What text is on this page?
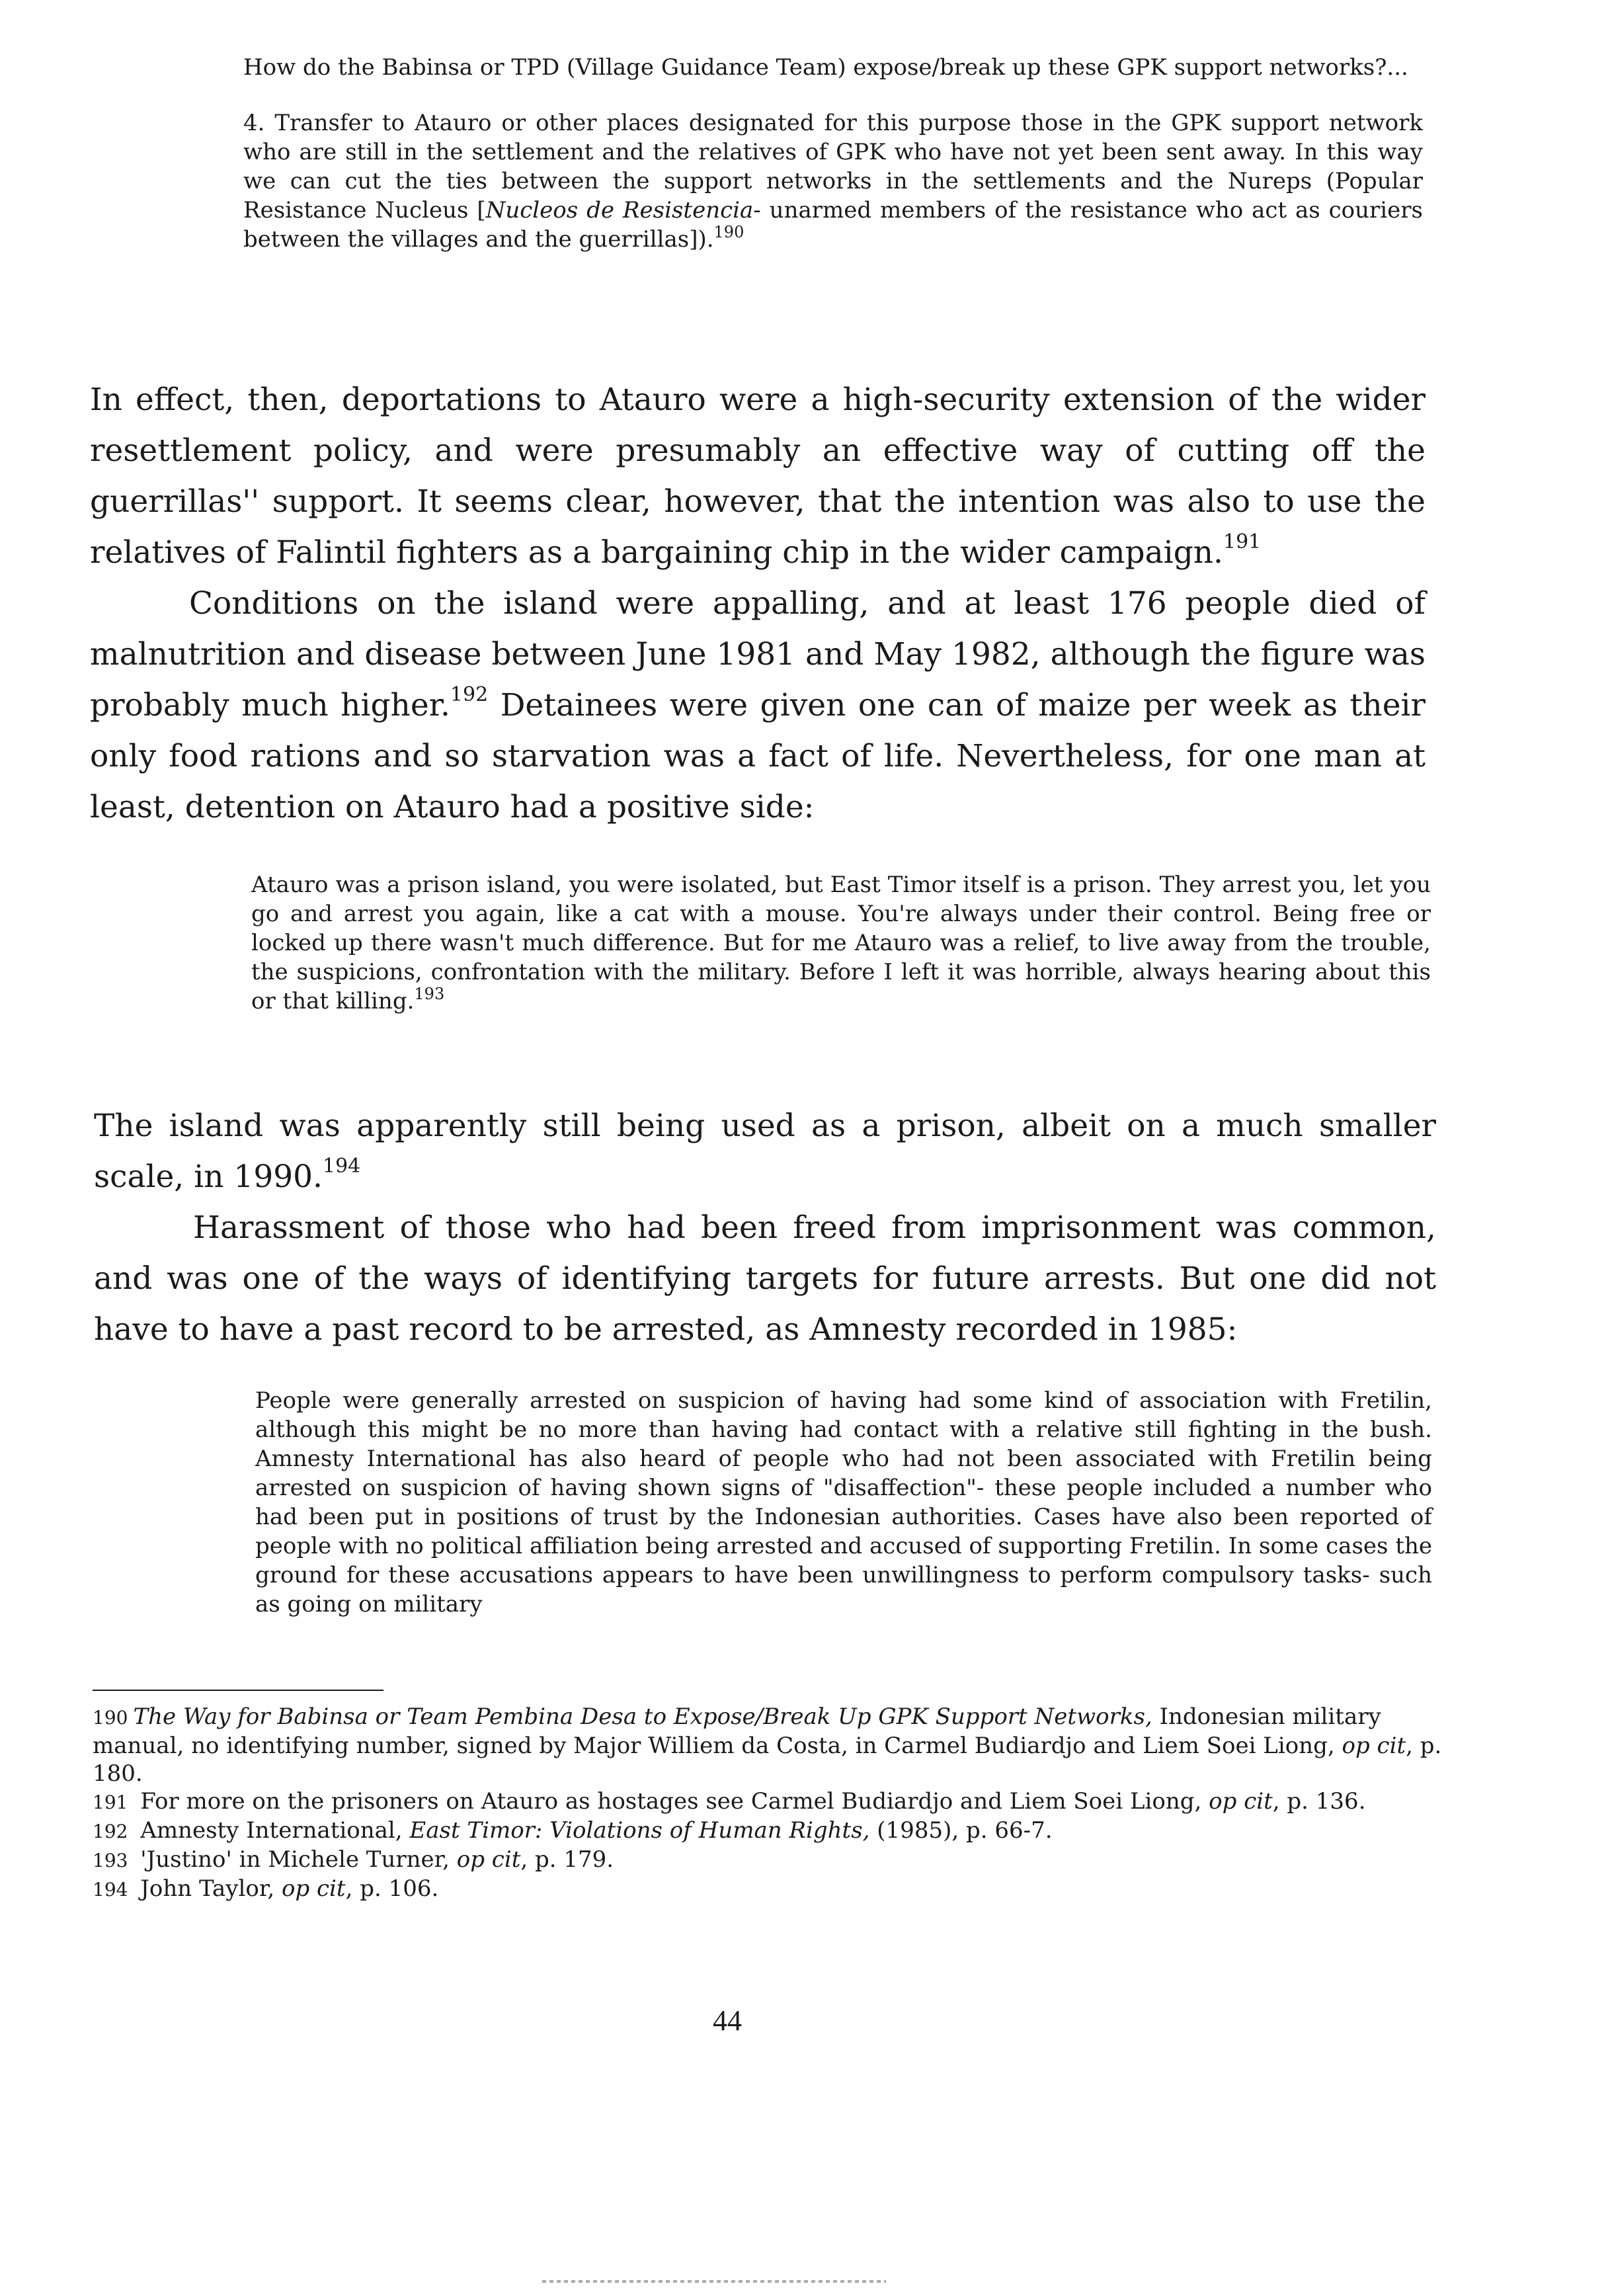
How do the Babinsa or TPD (Village Guidance Team) expose/break up these GPK support networks?...

4. Transfer to Atauro or other places designated for this purpose those in the GPK support network who are still in the settlement and the relatives of GPK who have not yet been sent away. In this way we can cut the ties between the support networks in the settlements and the Nureps (Popular Resistance Nucleus [Nucleos de Resistencia- unarmed members of the resistance who act as couriers between the villages and the guerrillas]).$^{190}$

In effect, then, deportations to Atauro were a high-security extension of the wider resettlement policy, and were presumably an effective way of cutting off the guerrillas'' support. It seems clear, however, that the intention was also to use the relatives of Falintil fighters as a bargaining chip in the wider campaign.$^{191}$

Conditions on the island were appalling, and at least 176 people died of malnutrition and disease between June 1981 and May 1982, although the figure was probably much higher.$^{192}$ Detainees were given one can of maize per week as their only food rations and so starvation was a fact of life. Nevertheless, for one man at least, detention on Atauro had a positive side:

Atauro was a prison island, you were isolated, but East Timor itself is a prison. They arrest you, let you go and arrest you again, like a cat with a mouse. You're always under their control. Being free or locked up there wasn't much difference. But for me Atauro was a relief, to live away from the trouble, the suspicions, confrontation with the military. Before I left it was horrible, always hearing about this or that killing.$^{193}$

The island was apparently still being used as a prison, albeit on a much smaller scale, in 1990.$^{194}$

Harassment of those who had been freed from imprisonment was common, and was one of the ways of identifying targets for future arrests. But one did not have to have a past record to be arrested, as Amnesty recorded in 1985:

People were generally arrested on suspicion of having had some kind of association with Fretilin, although this might be no more than having had contact with a relative still fighting in the bush. Amnesty International has also heard of people who had not been associated with Fretilin being arrested on suspicion of having shown signs of "disaffection"- these people included a number who had been put in positions of trust by the Indonesian authorities. Cases have also been reported of people with no political affiliation being arrested and accused of supporting Fretilin. In some cases the ground for these accusations appears to have been unwillingness to perform compulsory tasks- such as going on military

190 The Way for Babinsa or Team Pembina Desa to Expose/Break Up GPK Support Networks, Indonesian military manual, no identifying number, signed by Major Williem da Costa, in Carmel Budiardjo and Liem Soei Liong, op cit, p. 180.

191 For more on the prisoners on Atauro as hostages see Carmel Budiardjo and Liem Soei Liong, op cit, p. 136.

192 Amnesty International, East Timor: Violations of Human Rights, (1985), p. 66-7.

193 'Justino' in Michele Turner, op cit, p. 179.

194 John Taylor, op cit, p. 106.

44
